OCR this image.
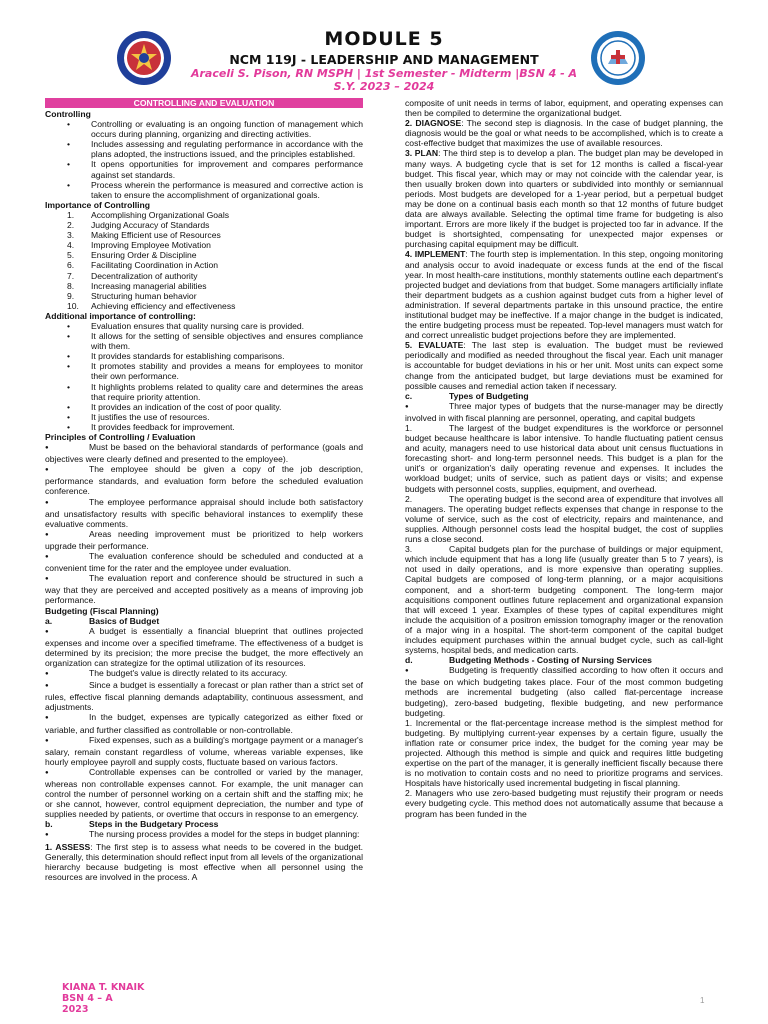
MODULE 5
NCM 119J - LEADERSHIP AND MANAGEMENT
Araceli S. Pison, RN MSPH | 1st Semester - Midterm |BSN 4 - A
S.Y. 2023 – 2024
CONTROLLING AND EVALUATION

Controlling

• Controlling or evaluating is an ongoing function of management which occurs during planning, organizing and directing activities.
• Includes assessing and regulating performance in accordance with the plans adopted, the instructions issued, and the principles established.
• It opens opportunities for improvement and compares performance against set standards.
• Process wherein the performance is measured and corrective action is taken to ensure the accomplishment of organizational goals.

Importance of Controlling

1. Accomplishing Organizational Goals
2. Judging Accuracy of Standards
3. Making Efficient use of Resources
4. Improving Employee Motivation
5. Ensuring Order & Discipline
6. Facilitating Coordination in Action
7. Decentralization of authority
8. Increasing managerial abilities
9. Structuring human behavior
10. Achieving efficiency and effectiveness

Additional importance of controlling:

• Evaluation ensures that quality nursing care is provided.
• It allows for the setting of sensible objectives and ensures compliance with them.
• It provides standards for establishing comparisons.
• It promotes stability and provides a means for employees to monitor their own performance.
• It highlights problems related to quality care and determines the areas that require priority attention.
• It provides an indication of the cost of poor quality.
• It justifies the use of resources.
• It provides feedback for improvement.

Principles of Controlling / Evaluation

●Must be based on the behavioral standards of performance (goals and objectives were clearly defined and presented to the employee).

●The employee should be given a copy of the job description, performance standards, and evaluation form before the scheduled evaluation conference.

●The employee performance appraisal should include both satisfactory and unsatisfactory results with specific behavioral instances to exemplify these evaluative comments.

●Areas needing improvement must be prioritized to help workers upgrade their performance.

●The evaluation conference should be scheduled and conducted at a convenient time for the rater and the employee under evaluation.

●The evaluation report and conference should be structured in such a way that they are perceived and accepted positively as a means of improving job performance.

Budgeting (Fiscal Planning)

a.	Basics of Budget

●A budget is essentially a financial blueprint that outlines projected expenses and income over a specified timeframe. The effectiveness of a budget is determined by its precision; the more precise the budget, the more effectively an organization can strategize for the optimal utilization of its resources.

●The budget's value is directly related to its accuracy.

●Since a budget is essentially a forecast or plan rather than a strict set of rules, effective fiscal planning demands adaptability, continuous assessment, and adjustments.

●In the budget, expenses are typically categorized as either fixed or variable, and further classified as controllable or non-controllable.

●Fixed expenses, such as a building's mortgage payment or a manager's salary, remain constant regardless of volume, whereas variable expenses, like hourly employee payroll and supply costs, fluctuate based on various factors.

●Controllable expenses can be controlled or varied by the manager, whereas non controllable expenses cannot. For example, the unit manager can control the number of personnel working on a certain shift and the staffing mix; he or she cannot, however, control equipment depreciation, the number and type of supplies needed by patients, or overtime that occurs in response to an emergency.

b.	Steps in the Budgetary Process

●The nursing process provides a model for the steps in budget planning:

1. ASSESS: The first step is to assess what needs to be covered in the budget. Generally, this determination should reflect input from all levels of the organizational hierarchy because budgeting is most effective when all personnel using the resources are involved in the process. A

composite of unit needs in terms of labor, equipment, and operating expenses can then be compiled to determine the organizational budget.

2. DIAGNOSE: The second step is diagnosis. In the case of budget planning, the diagnosis would be the goal or what needs to be accomplished, which is to create a cost-effective budget that maximizes the use of available resources.

3. PLAN: The third step is to develop a plan. The budget plan may be developed in many ways. A budgeting cycle that is set for 12 months is called a fiscal-year budget. This fiscal year, which may or may not coincide with the calendar year, is then usually broken down into quarters or subdivided into monthly or semiannual periods. Most budgets are developed for a 1-year period, but a perpetual budget may be done on a continual basis each month so that 12 months of future budget data are always available. Selecting the optimal time frame for budgeting is also important. Errors are more likely if the budget is projected too far in advance. If the budget is shortsighted, compensating for unexpected major expenses or purchasing capital equipment may be difficult.

4. IMPLEMENT: The fourth step is implementation. In this step, ongoing monitoring and analysis occur to avoid inadequate or excess funds at the end of the fiscal year. In most health-care institutions, monthly statements outline each department's projected budget and deviations from that budget. Some managers artificially inflate their department budgets as a cushion against budget cuts from a higher level of administration. If several departments partake in this unsound practice, the entire institutional budget may be ineffective. If a major change in the budget is indicated, the entire budgeting process must be repeated. Top-level managers must watch for and correct unrealistic budget projections before they are implemented.

5. EVALUATE: The last step is evaluation. The budget must be reviewed periodically and modified as needed throughout the fiscal year. Each unit manager is accountable for budget deviations in his or her unit. Most units can expect some change from the anticipated budget, but large deviations must be examined for possible causes and remedial action taken if necessary.

c.	Types of Budgeting

●Three major types of budgets that the nurse-manager may be directly involved in with fiscal planning are personnel, operating, and capital budgets

1.	The largest of the budget expenditures is the workforce or personnel budget because healthcare is labor intensive. To handle fluctuating patient census and acuity, managers need to use historical data about unit census fluctuations in forecasting short- and long-term personnel needs. This budget is a plan for the unit's or organization's daily operating revenue and expenses. It includes the workload budget; units of service, such as patient days or visits; and expense budgets with personnel costs, supplies, equipment, and overhead.

2.	The operating budget is the second area of expenditure that involves all managers. The operating budget reflects expenses that change in response to the volume of service, such as the cost of electricity, repairs and maintenance, and supplies. Although personnel costs lead the hospital budget, the cost of supplies runs a close second.

3.	Capital budgets plan for the purchase of buildings or major equipment, which include equipment that has a long life (usually greater than 5 to 7 years), is not used in daily operations, and is more expensive than operating supplies. Capital budgets are composed of long-term planning, or a major acquisitions component, and a short-term budgeting component. The long-term major acquisitions component outlines future replacement and organizational expansion that will exceed 1 year. Examples of these types of capital expenditures might include the acquisition of a positron emission tomography imager or the renovation of a major wing in a hospital. The short-term component of the capital budget includes equipment purchases within the annual budget cycle, such as call-light systems, hospital beds, and medication carts.

d.	Budgeting Methods - Costing of Nursing Services

●Budgeting is frequently classified according to how often it occurs and the base on which budgeting takes place. Four of the most common budgeting methods are incremental budgeting (also called flat-percentage increase budgeting), zero-based budgeting, flexible budgeting, and new performance budgeting.

1. Incremental or the flat-percentage increase method is the simplest method for budgeting. By multiplying current-year expenses by a certain figure, usually the inflation rate or consumer price index, the budget for the coming year may be projected. Although this method is simple and quick and requires little budgeting expertise on the part of the manager, it is generally inefficient fiscally because there is no motivation to contain costs and no need to prioritize programs and services. Hospitals have historically used incremental budgeting in fiscal planning.

2. Managers who use zero-based budgeting must rejustify their program or needs every budgeting cycle. This method does not automatically assume that because a program has been funded in the

KIANA T. KNAIK
BSN 4 – A
2023
1
